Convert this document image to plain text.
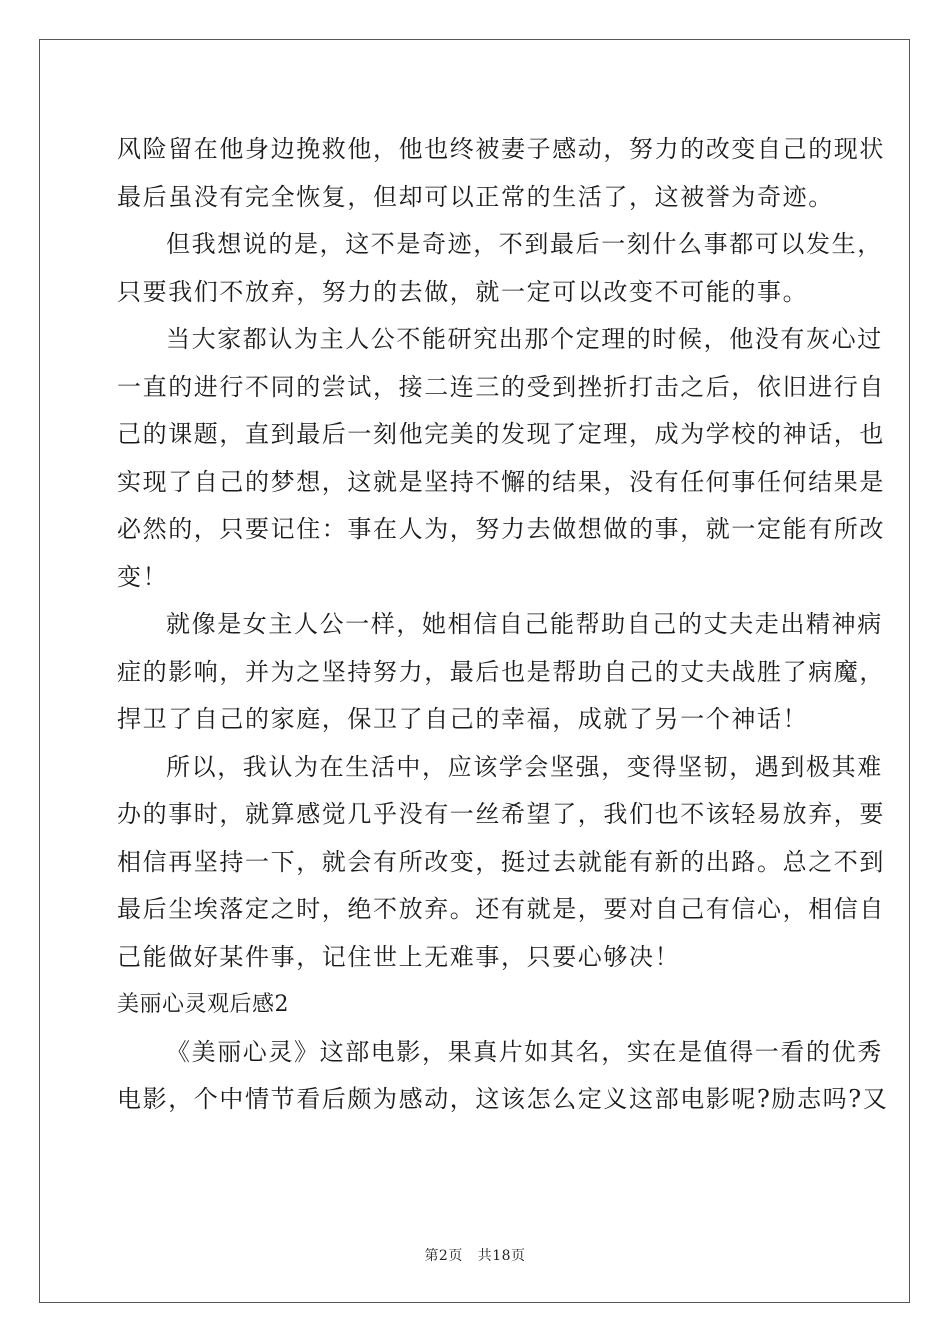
风险留在他身边挽救他，他也终被妻子感动，努力的改变自己的现状
最后虽没有完全恢复，但却可以正常的生活了，这被誉为奇迹。
但我想说的是，这不是奇迹，不到最后一刻什么事都可以发生，
只要我们不放弃，努力的去做，就一定可以改变不可能的事。
当大家都认为主人公不能研究出那个定理的时候，他没有灰心过
一直的进行不同的尝试，接二连三的受到挫折打击之后，依旧进行自
己的课题，直到最后一刻他完美的发现了定理，成为学校的神话，也
实现了自己的梦想，这就是坚持不懈的结果，没有任何事任何结果是
必然的，只要记住：事在人为，努力去做想做的事，就一定能有所改
变！
就像是女主人公一样，她相信自己能帮助自己的丈夫走出精神病
症的影响，并为之坚持努力，最后也是帮助自己的丈夫战胜了病魔，
捍卫了自己的家庭，保卫了自己的幸福，成就了另一个神话！
所以，我认为在生活中，应该学会坚强，变得坚韧，遇到极其难
办的事时，就算感觉几乎没有一丝希望了，我们也不该轻易放弃，要
相信再坚持一下，就会有所改变，挺过去就能有新的出路。总之不到
最后尘埃落定之时，绝不放弃。还有就是，要对自己有信心，相信自
己能做好某件事，记住世上无难事，只要心够决！
美丽心灵观后感2
《美丽心灵》这部电影，果真片如其名，实在是值得一看的优秀
电影，个中情节看后颇为感动，这该怎么定义这部电影呢?励志吗?又
第2页 共18页
